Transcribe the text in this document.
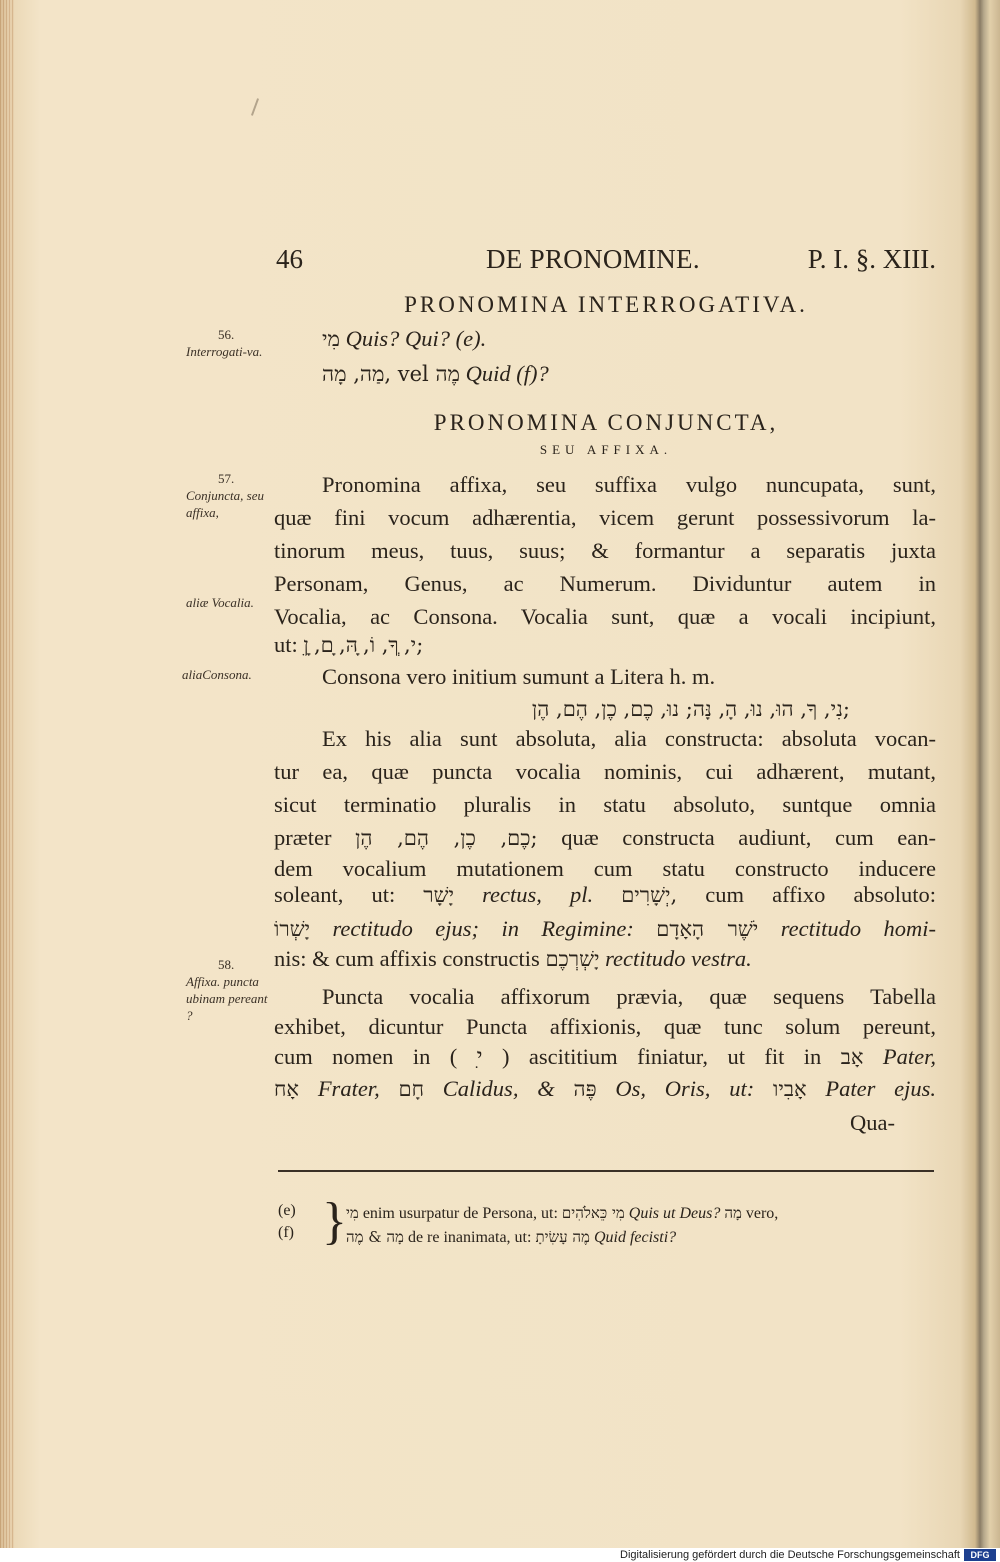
46	DE PRONOMINE.	P. I. §. XIII.
PRONOMINA INTERROGATIVA.
מִי Quis? Qui? (e).
מַה, מָה, vel מֶה Quid (f)?
PRONOMINA CONJUNCTA,
SEU AFFIXA.
57.
Conjuncta, seu affixa,
56.
Interrogati-va.
aliæ Vocalia.
aliaConsona.
58.
Affixa. puncta ubinam pereant ?
Pronomina affixa, seu suffixa vulgo nuncupata, sunt,
quæ fini vocum adhærentia, vicem gerunt possessivorum la-
tinorum meus, tuus, suus; & formantur a separatis juxta
Personam, Genus, ac Numerum. Dividuntur autem in
Vocalia, ac Consona. Vocalia sunt, quæ a vocali incipiunt,
ut: ִי, ְךָ, וֹ, ָהּ, ָם, ָן;
Consona vero initium sumunt a Litera h. m.
נִי, ךָ, הוּ, נוּ, הָ, נָּה; נוּ, כֶם, כֶן, הֶם, הֶן;
Ex his alia sunt absoluta, alia constructa: absoluta vocan-
tur ea, quæ puncta vocalia nominis, cui adhærent, mutant,
sicut terminatio pluralis in statu absoluto, suntque omnia
præter כֶם, כֶן, הֶם, הֶן; quæ constructa audiunt, cum ean-
dem vocalium mutationem cum statu constructo inducere
soleant, ut: יָשָׁר rectus, pl. יְשָׁרִים, cum affixo absoluto:
יָשְׁרוֹ rectitudo ejus; in Regimine: יֹשֶׁר הָאָדָם rectitudo homi-
nis: & cum affixis constructis יָשְׁרְכֶם rectitudo vestra.
Puncta vocalia affixorum prævia, quæ sequens Tabella
exhibet, dicuntur Puncta affixionis, quæ tunc solum pereunt,
cum nomen in ( ִי ) ascititium finiatur, ut fit in אָב Pater,
אָח Frater, חָם Calidus, & פֶּה Os, Oris, ut: אָבִיו Pater ejus.
Qua-
(e)
(f) } מִי enim usurpatur de Persona, ut: מִי כֵּאלֹהִים Quis ut Deus? מָה vero,
מָה & מֶה de re inanimata, ut: מֶה עָשִׂיתָ Quid fecisti?
Digitalisierung gefördert durch die Deutsche Forschungsgemeinschaft	DFG
